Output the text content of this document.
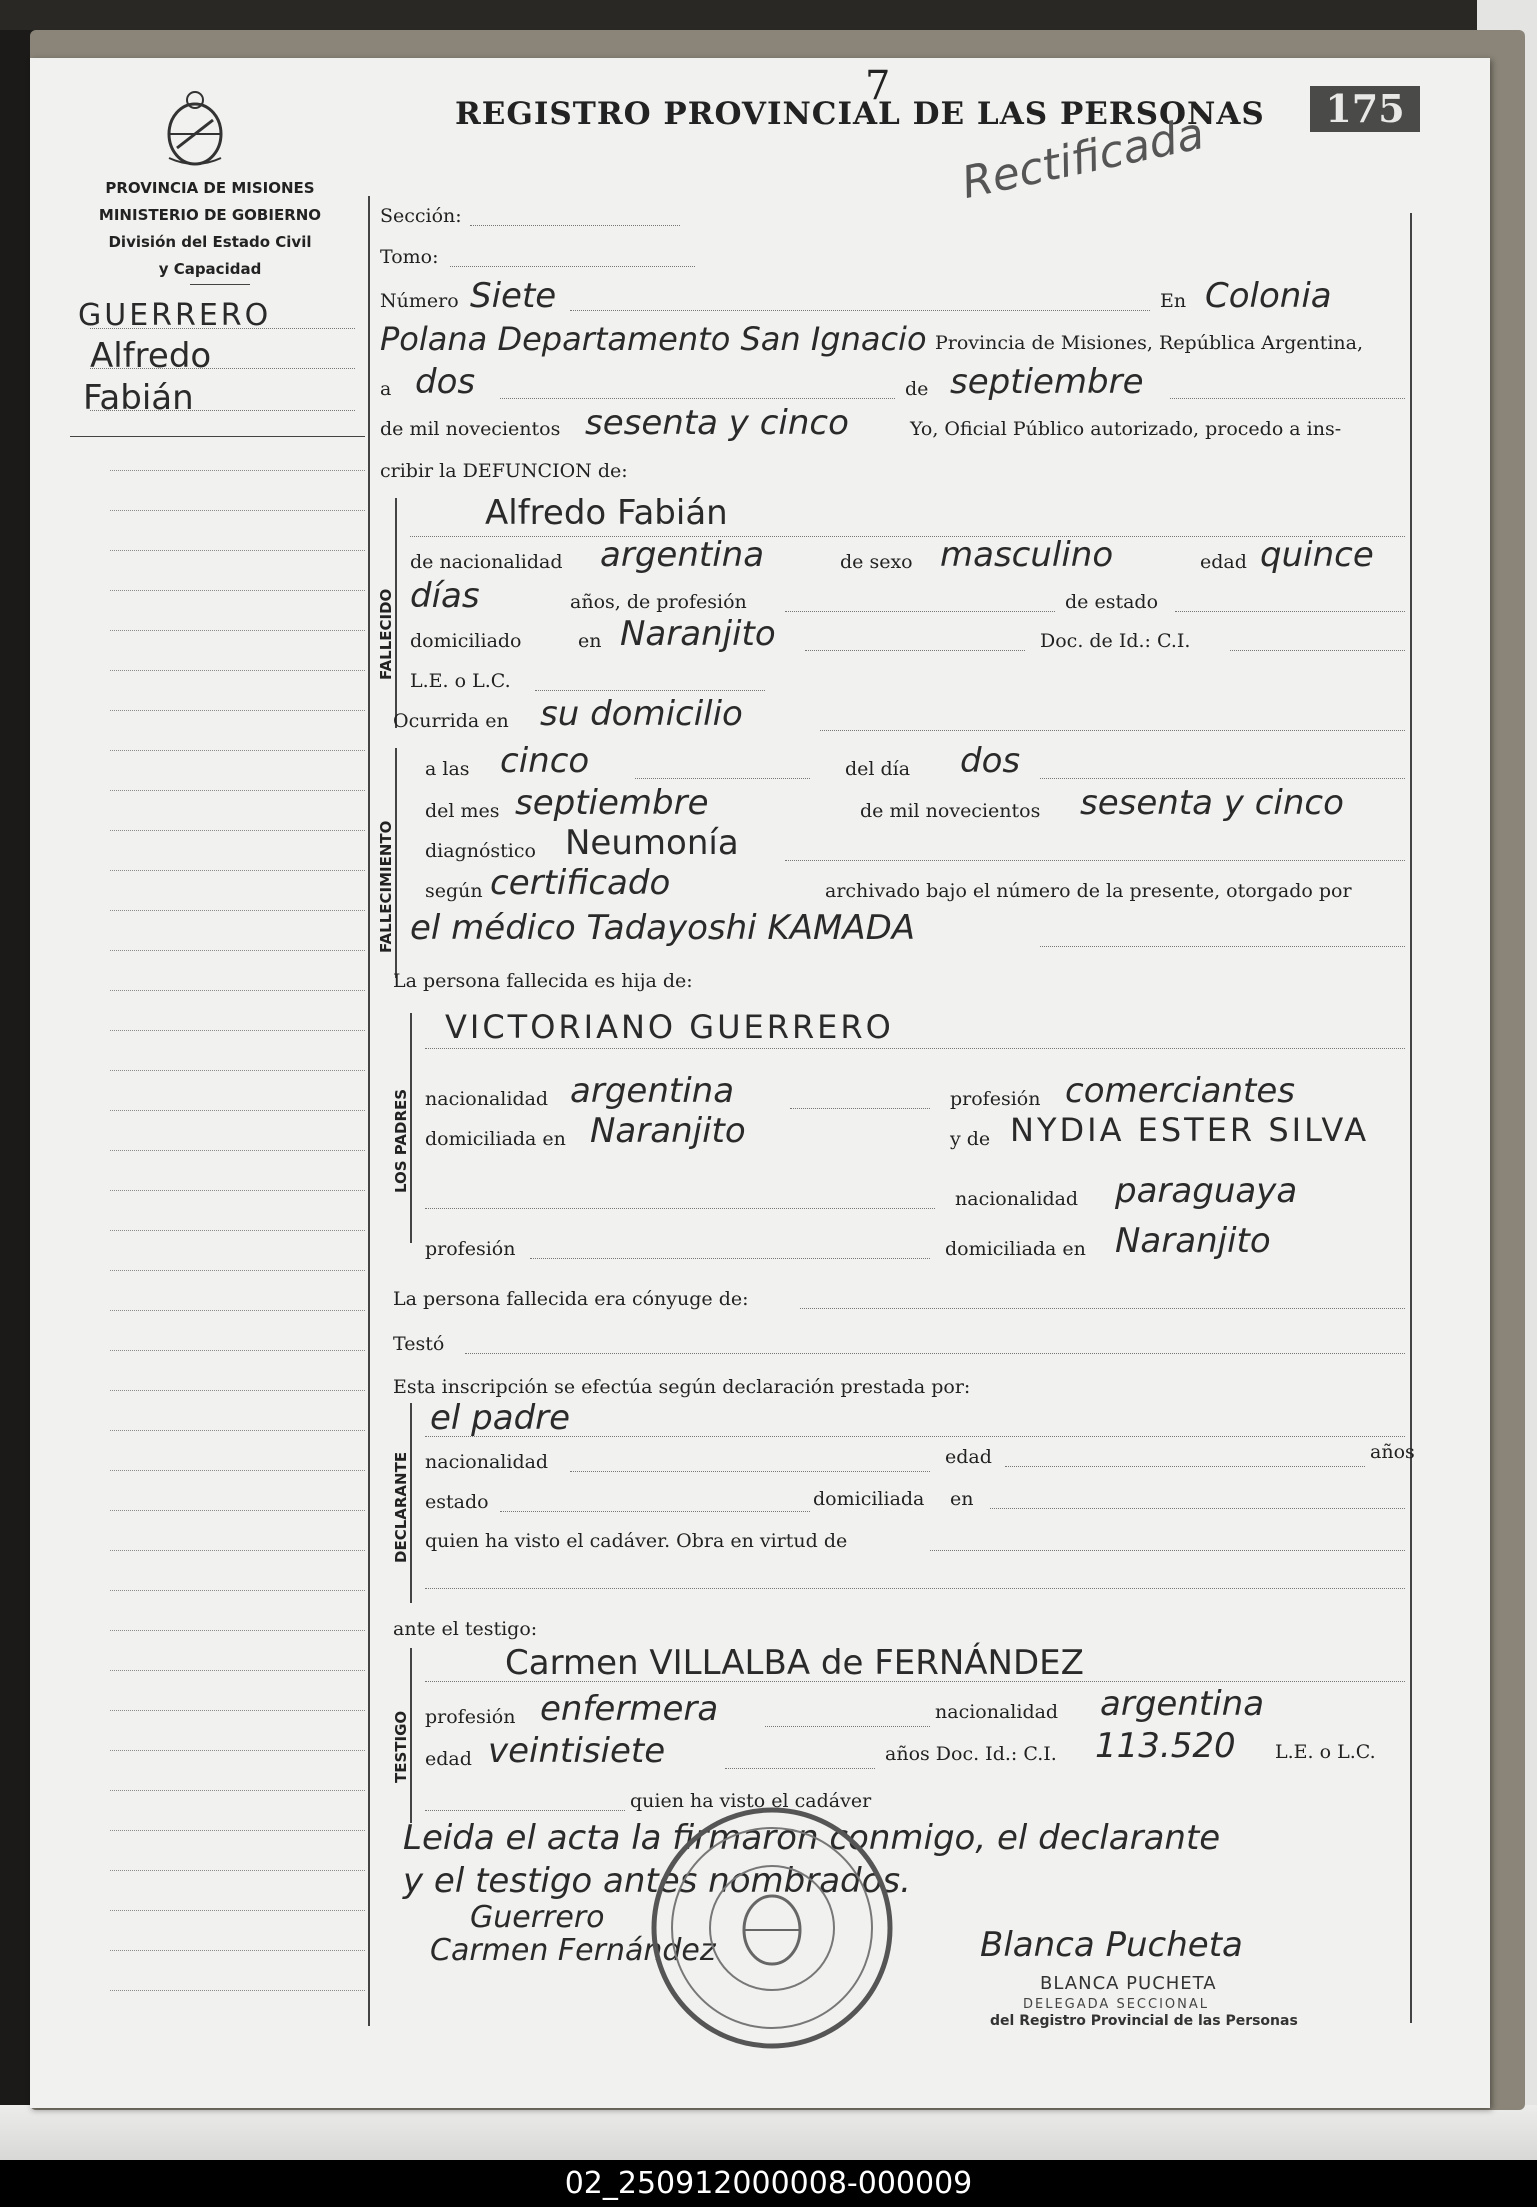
7
REGISTRO PROVINCIAL DE LAS PERSONAS	175
Rectificada
PROVINCIA DE MISIONES
MINISTERIO DE GOBIERNO
División del Estado Civil
y Capacidad
GUERRERO
Alfredo
Fabián
Sección:
Tomo:
Número Siete	En Colonia
Polana Departamento San Ignacio Provincia de Misiones, República Argentina,
a dos	de septiembre
de mil novecientos sesenta y cinco	Yo, Oficial Público autorizado, procedo a ins-
cribir la DEFUNCION de:
FALLECIDO
Alfredo Fabián
de nacionalidad argentina	de sexo masculino	edad quince
días	años, de profesión	de estado
domiciliado	en Naranjito	Doc. de Id.: C.I.
L.E. o L.C.
Ocurrida en su domicilio
FALLECIMIENTO
a las cinco	del día dos
del mes septiembre	de mil novecientos sesenta y cinco
diagnóstico Neumonía
según certificado	archivado bajo el número de la presente, otorgado por
el médico Tadayoshi KAMADA
La persona fallecida es hija de:
LOS PADRES
VICTORIANO GUERRERO
nacionalidad argentina	profesión comerciantes
domiciliada en Naranjito	y de NYDIA ESTER SILVA
nacionalidad paraguaya
profesión	domiciliada en Naranjito
La persona fallecida era cónyuge de:
Testó
Esta inscripción se efectúa según declaración prestada por:
DECLARANTE
el padre
nacionalidad	edad	años
estado	domiciliada en
quien ha visto el cadáver. Obra en virtud de
ante el testigo:
TESTIGO
Carmen VILLALBA de FERNÁNDEZ
profesión enfermera	nacionalidad argentina
edad veintisiete	años Doc. Id.: C.I. 113.520 L.E. o L.C.
quien ha visto el cadáver
Leida el acta la firmaron conmigo, el declarante
y el testigo antes nombrados.
Guerrero
Carmen Fernández	Blanca Pucheta
BLANCA PUCHETA
DELEGADA SECCIONAL
del Registro Provincial de las Personas
02_250912000008-000009
